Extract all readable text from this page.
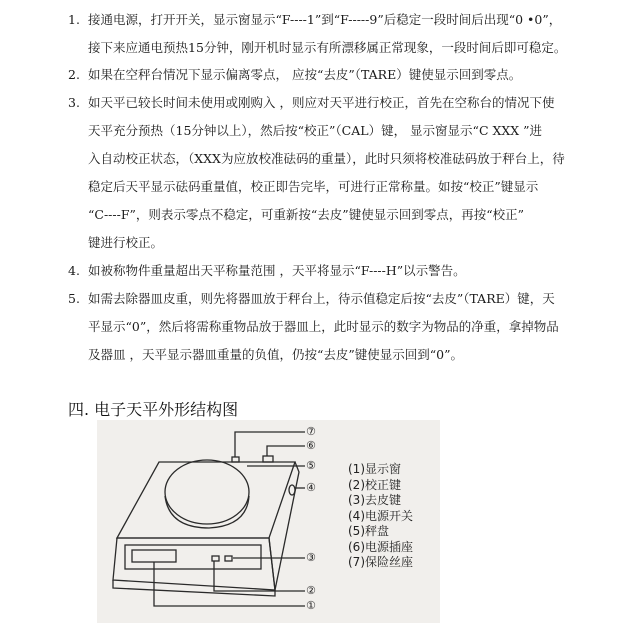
1. 接通电源，打开开关，显示窗显示“F----1”到“F-----9”后稳定一段时间后出现“0 •0”，
接下来应通电预热15分钟，刚开机时显示有所漂移属正常现象，一段时间后即可稳定。
2. 如果在空秤台情况下显示偏离零点， 应按“去皮”（TARE）键使显示回到零点。
3. 如天平已较长时间未使用或刚购入 ，则应对天平进行校正，首先在空称台的情况下使
天平充分预热（15分钟以上），然后按“校正”（CAL）键， 显示窗显示“C XXX ”进
入自动校正状态，（XXX为应放校准砝码的重量），此时只须将校准砝码放于秤台上，待
稳定后天平显示砝码重量值，校正即告完毕，可进行正常称量。如按“校正”键显示
“C----F”，则表示零点不稳定，可重新按“去皮”键使显示回到零点，再按“校正”
键进行校正。
4. 如被称物件重量超出天平称量范围 ，天平将显示“F----H”以示警告。
5. 如需去除器皿皮重，则先将器皿放于秤台上，待示值稳定后按“去皮”（TARE）键，天
平显示“0”，然后将需称重物品放于器皿上，此时显示的数字为物品的净重，拿掉物品
及器皿 ，天平显示器皿重量的负值，仍按“去皮”键使显示回到“0”。
四. 电子天平外形结构图
⑦
⑥
⑤
④
③
②
①
(1)显示窗
(2)校正键
(3)去皮键
(4)电源开关
(5)秤盘
(6)电源插座
(7)保险丝座
